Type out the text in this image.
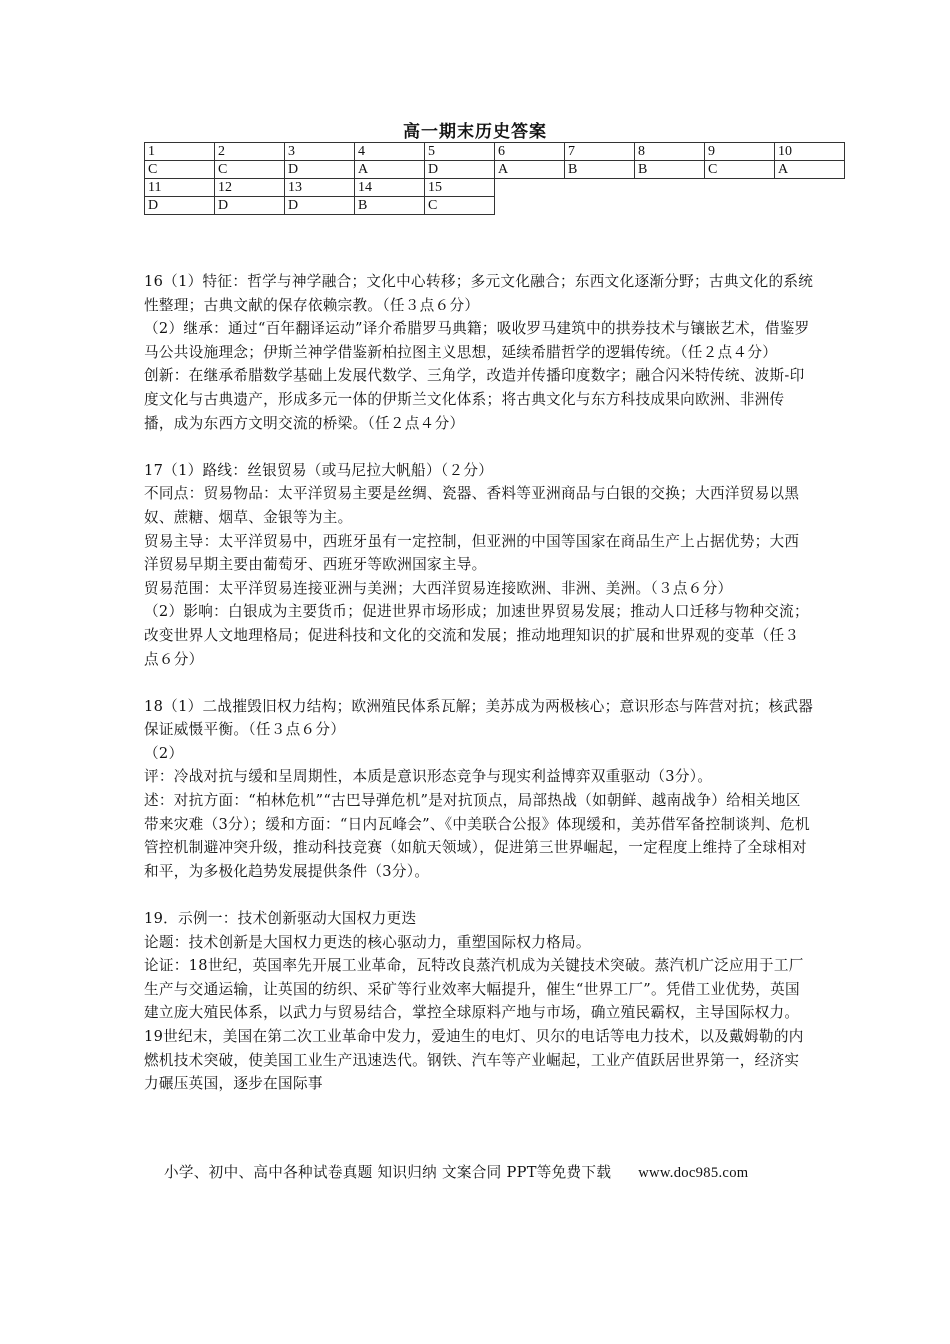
高一期末历史答案
1	2	3	4	5	6	7	8	9	10
C	C	D	A	D	A	B	B	C	A
11	12	13	14	15					
D	D	D	B	C					

16（1）特征：哲学与神学融合；文化中心转移；多元文化融合；东西文化逐渐分野；古典文化的系统性整理；古典文献的保存依赖宗教。（任３点６分）

（2）继承：通过“百年翻译运动”译介希腊罗马典籍；吸收罗马建筑中的拱券技术与镶嵌艺术，借鉴罗马公共设施理念；伊斯兰神学借鉴新柏拉图主义思想，延续希腊哲学的逻辑传统。（任２点４分）

创新：在继承希腊数学基础上发展代数学、三角学，改造并传播印度数字；融合闪米特传统、波斯-印度文化与古典遗产，形成多元一体的伊斯兰文化体系；将古典文化与东方科技成果向欧洲、非洲传播，成为东西方文明交流的桥梁。（任２点４分）

17（1）路线：丝银贸易（或马尼拉大帆船）（２分）

不同点：贸易物品：太平洋贸易主要是丝绸、瓷器、香料等亚洲商品与白银的交换；大西洋贸易以黑奴、蔗糖、烟草、金银等为主。

贸易主导：太平洋贸易中，西班牙虽有一定控制，但亚洲的中国等国家在商品生产上占据优势；大西洋贸易早期主要由葡萄牙、西班牙等欧洲国家主导。

贸易范围：太平洋贸易连接亚洲与美洲；大西洋贸易连接欧洲、非洲、美洲。（３点６分）

（2）影响：白银成为主要货币；促进世界市场形成；加速世界贸易发展；推动人口迁移与物种交流；改变世界人文地理格局；促进科技和文化的交流和发展；推动地理知识的扩展和世界观的变革（任３点６分）

18（1）二战摧毁旧权力结构；欧洲殖民体系瓦解；美苏成为两极核心；意识形态与阵营对抗；核武器保证威慑平衡。（任３点６分）

（2）

评：冷战对抗与缓和呈周期性，本质是意识形态竞争与现实利益博弈双重驱动（3分）。

述：对抗方面：“柏林危机”“古巴导弹危机”是对抗顶点，局部热战（如朝鲜、越南战争）给相关地区带来灾难（3分）；缓和方面：“日内瓦峰会”、《中美联合公报》体现缓和，美苏借军备控制谈判、危机管控机制避冲突升级，推动科技竞赛（如航天领域），促进第三世界崛起，一定程度上维持了全球相对和平，为多极化趋势发展提供条件（3分）。

19．示例一：技术创新驱动大国权力更迭

论题：技术创新是大国权力更迭的核心驱动力，重塑国际权力格局。

论证：18世纪，英国率先开展工业革命，瓦特改良蒸汽机成为关键技术突破。蒸汽机广泛应用于工厂生产与交通运输，让英国的纺织、采矿等行业效率大幅提升，催生“世界工厂”。凭借工业优势，英国建立庞大殖民体系，以武力与贸易结合，掌控全球原料产地与市场，确立殖民霸权，主导国际权力。19世纪末，美国在第二次工业革命中发力，爱迪生的电灯、贝尔的电话等电力技术，以及戴姆勒的内燃机技术突破，使美国工业生产迅速迭代。钢铁、汽车等产业崛起，工业产值跃居世界第一，经济实力碾压英国，逐步在国际事

小学、初中、高中各种试卷真题 知识归纳 文案合同 PPT等免费下载 www.doc985.com
